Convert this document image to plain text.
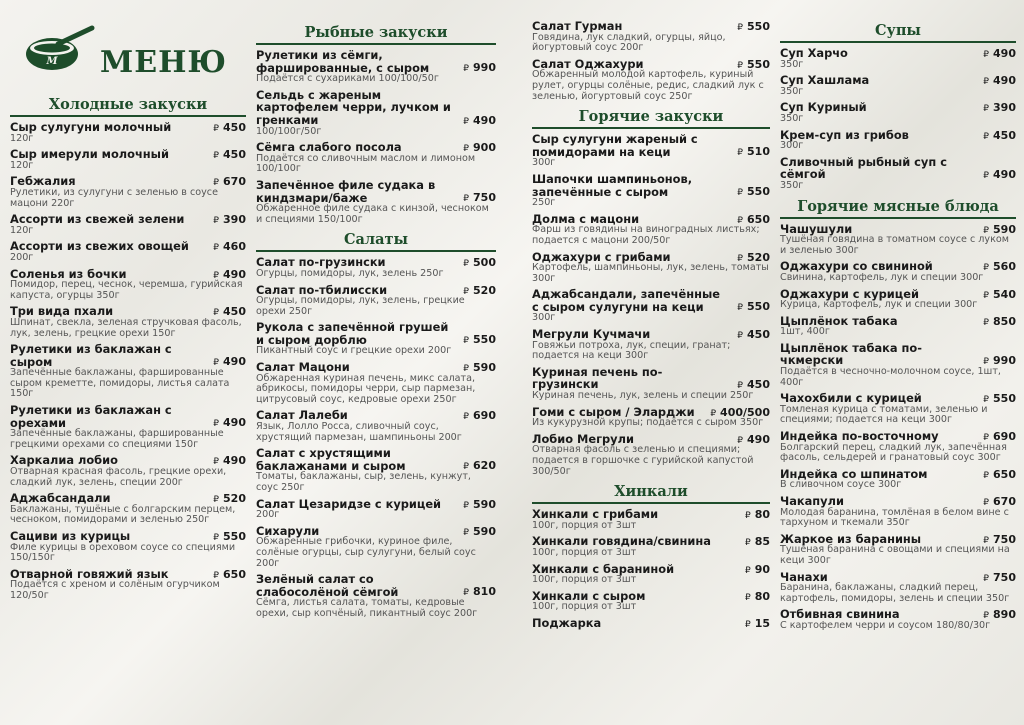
М МЕНЮ
Холодные закуски
Сыр сулугуни молочный	₽ 450
120г
Сыр имерули молочный	₽ 450
120г
Гебжалия	₽ 670
Рулетики, из сулугуни с зеленью в соусе мацони 220г
Ассорти из свежей зелени	₽ 390
120г
Ассорти из свежих овощей	₽ 460
200г
Соленья из бочки	₽ 490
Помидор, перец, чеснок, черемша, гурийская капуста, огурцы 350г
Три вида пхали	₽ 450
Шпинат, свекла, зеленая стручковая фасоль, лук, зелень, грецкие орехи 150г
Рулетики из баклажан с сыром	₽ 490
Запечённые баклажаны, фаршированные сыром креметте, помидоры, листья салата 150г
Рулетики из баклажан с орехами	₽ 490
Запечённые баклажаны, фаршированные грецкими орехами со специями 150г
Харкалиа лобио	₽ 490
Отварная красная фасоль, грецкие орехи, сладкий лук, зелень, специи 200г
Аджабсандали	₽ 520
Баклажаны, тушёные с болгарским перцем, чесноком, помидорами и зеленью 250г
Сациви из курицы	₽ 550
Филе курицы в ореховом соусе со специями 150/150г
Отварной говяжий язык	₽ 650
Подаётся с хреном и солёным огурчиком 120/50г
Рыбные закуски
Рулетики из сёмги, фаршированные, с сыром	₽ 990
Подаётся с сухариками 100/100/50г
Сельдь с жареным картофелем черри, лучком и гренками	₽ 490
100/100г/50г
Сёмга слабого посола	₽ 900
Подаётся со сливочным маслом и лимоном 100/100г
Запечённое филе судака в киндзмари/баже	₽ 750
Обжаренное филе судака с кинзой, чесноком и специями 150/100г
Салаты
Салат по-грузински	₽ 500
Огурцы, помидоры, лук, зелень 250г
Салат по-тбилисски	₽ 520
Огурцы, помидоры, лук, зелень, грецкие орехи 250г
Рукола с запечённой грушей и сыром дорблю	₽ 550
Пикантный соус и грецкие орехи 200г
Салат Мацони	₽ 590
Обжаренная куриная печень, микс салата, абрикосы, помидоры черри, сыр пармезан, цитрусовый соус, кедровые орехи 250г
Салат Лалеби	₽ 690
Язык, Лолло Росса, сливочный соус, хрустящий пармезан, шампиньоны 200г
Салат с хрустящими баклажанами и сыром	₽ 620
Томаты, баклажаны, сыр, зелень, кунжут, соус 250г
Салат Цезаридзе с курицей	₽ 590
200г
Сихарули	₽ 590
Обжаренные грибочки, куриное филе, солёные огурцы, сыр сулугуни, белый соус 200г
Зелёный салат со слабосолёной сёмгой	₽ 810
Сёмга, листья салата, томаты, кедровые орехи, сыр копчёный, пикантный соус 200г
Салат Гурман	₽ 550
Говядина, лук сладкий, огурцы, яйцо, йогуртовый соус 200г
Салат Оджахури	₽ 550
Обжаренный молодой картофель, куриный рулет, огурцы солёные, редис, сладкий лук с зеленью, йогуртовый соус 250г
Горячие закуски
Сыр сулугуни жареный с помидорами на кеци	₽ 510
300г
Шапочки шампиньонов, запечённые с сыром	₽ 550
250г
Долма с мацони	₽ 650
Фарш из говядины на виноградных листьях; подается с мацони 200/50г
Оджахури с грибами	₽ 520
Картофель, шампиньоны, лук, зелень, томаты 300г
Аджабсандали, запечённые с сыром сулугуни на кеци	₽ 550
300г
Мегрули Кучмачи	₽ 450
Говяжьи потроха, лук, специи, гранат; подается на кеци 300г
Куриная печень по-грузински	₽ 450
Куриная печень, лук, зелень и специи 250г
Гоми с сыром / Эларджи	₽ 400/500
Из кукурузной крупы; подаётся с сыром 350г
Лобио Мегрули	₽ 490
Отварная фасоль с зеленью и специями; подается в горшочке с гурийской капустой 300/50г
Хинкали
Хинкали с грибами	₽ 80
100г, порция от 3шт
Хинкали говядина/свинина	₽ 85
100г, порция от 3шт
Хинкали с бараниной	₽ 90
100г, порция от 3шт
Хинкали с сыром	₽ 80
100г, порция от 3шт
Поджарка	₽ 15
Супы
Суп Харчо	₽ 490
350г
Суп Хашлама	₽ 490
350г
Суп Куриный	₽ 390
350г
Крем-суп из грибов	₽ 450
300г
Сливочный рыбный суп с сёмгой	₽ 490
350г
Горячие мясные блюда
Чашушули	₽ 590
Тушёная говядина в томатном соусе с луком и зеленью 300г
Оджахури со свининой	₽ 560
Свинина, картофель, лук и специи 300г
Оджахури с курицей	₽ 540
Курица, картофель, лук и специи 300г
Цыплёнок табака	₽ 850
1шт, 400г
Цыплёнок табака по-чкмерски	₽ 990
Подаётся в чесночно-молочном соусе, 1шт, 400г
Чахохбили с курицей	₽ 550
Томленая курица с томатами, зеленью и специями; подается на кеци 300г
Индейка по-восточному	₽ 690
Болгарский перец, сладкий лук, запечённая фасоль, сельдерей и гранатовый соус 300г
Индейка со шпинатом	₽ 650
В сливочном соусе 300г
Чакапули	₽ 670
Молодая баранина, томлёная в белом вине с тархуном и ткемали 350г
Жаркое из баранины	₽ 750
Тушёная баранина с овощами и специями на кеци 300г
Чанахи	₽ 750
Баранина, баклажаны, сладкий перец, картофель, помидоры, зелень и специи 350г
Отбивная свинина	₽ 890
С картофелем черри и соусом 180/80/30г
